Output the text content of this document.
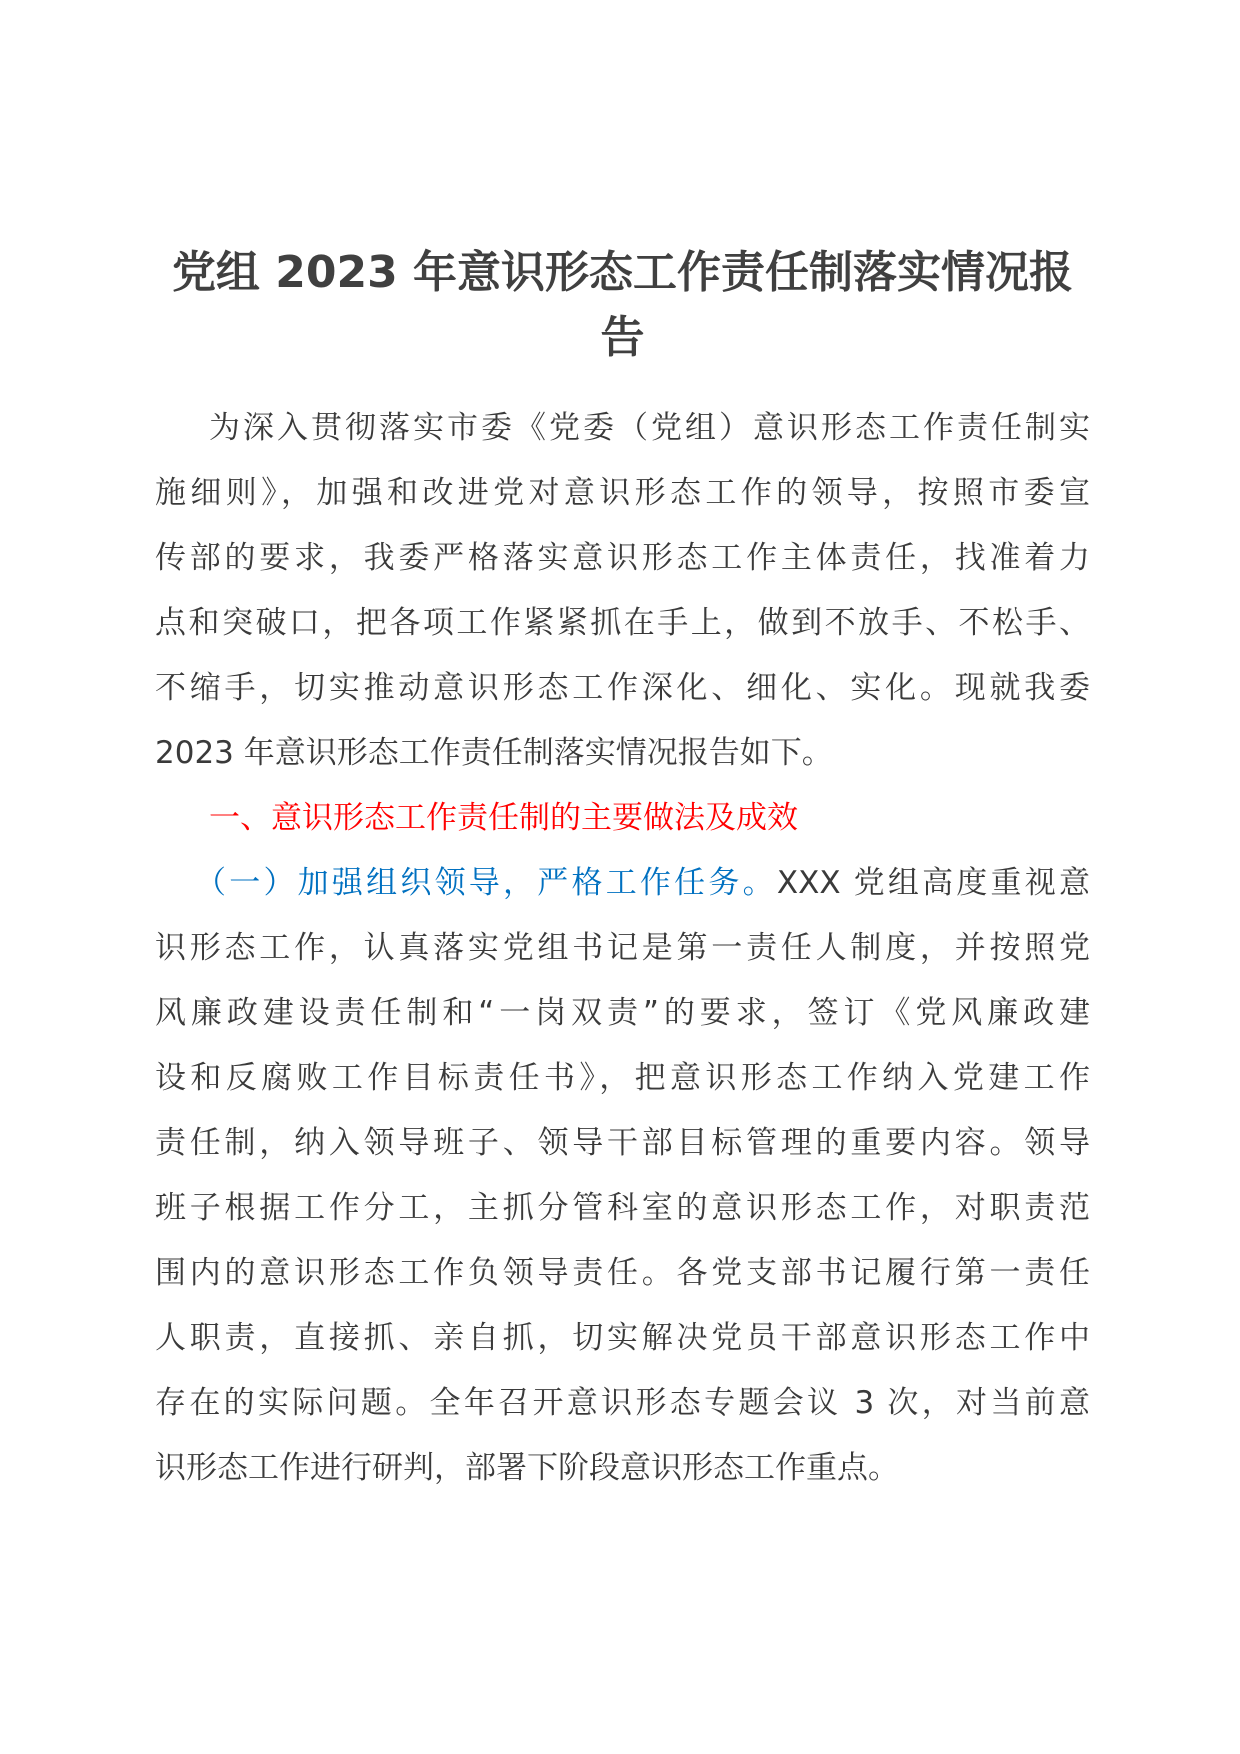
党组 2023 年意识形态工作责任制落实情况报
告
为深入贯彻落实市委《党委（党组）意识形态工作责任制实
施细则》，加强和改进党对意识形态工作的领导，按照市委宣
传部的要求，我委严格落实意识形态工作主体责任，找准着力
点和突破口，把各项工作紧紧抓在手上，做到不放手、不松手、
不缩手，切实推动意识形态工作深化、细化、实化。现就我委
2023 年意识形态工作责任制落实情况报告如下。
一、意识形态工作责任制的主要做法及成效
（一）加强组织领导，严格工作任务。XXX 党组高度重视意
识形态工作，认真落实党组书记是第一责任人制度，并按照党
风廉政建设责任制和“一岗双责”的要求，签订《党风廉政建
设和反腐败工作目标责任书》，把意识形态工作纳入党建工作
责任制，纳入领导班子、领导干部目标管理的重要内容。领导
班子根据工作分工，主抓分管科室的意识形态工作，对职责范
围内的意识形态工作负领导责任。各党支部书记履行第一责任
人职责，直接抓、亲自抓，切实解决党员干部意识形态工作中
存在的实际问题。全年召开意识形态专题会议 3 次，对当前意
识形态工作进行研判，部署下阶段意识形态工作重点。
